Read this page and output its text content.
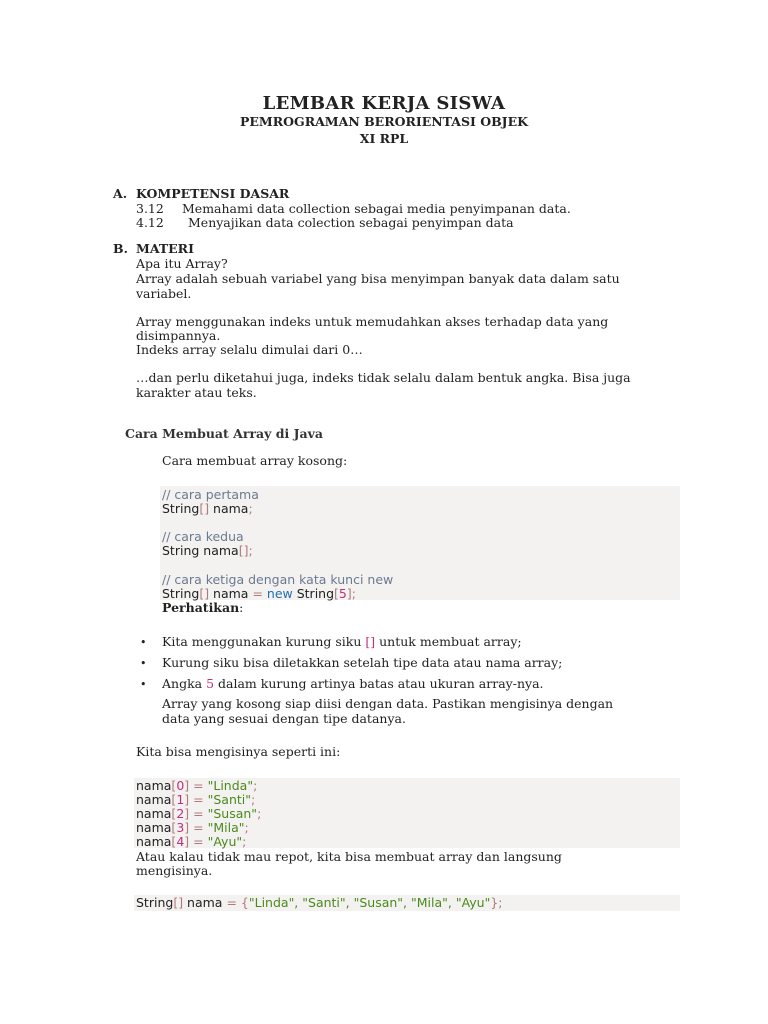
LEMBAR KERJA SISWA
PEMROGRAMAN BERORIENTASI OBJEK
XI RPL
A. KOMPETENSI DASAR
3.12 Memahami data collection sebagai media penyimpanan data.
4.12 Menyajikan data colection sebagai penyimpan data
B. MATERI
Apa itu Array?
Array adalah sebuah variabel yang bisa menyimpan banyak data dalam satu
variabel.
Array menggunakan indeks untuk memudahkan akses terhadap data yang
disimpannya.
Indeks array selalu dimulai dari 0…
…dan perlu diketahui juga, indeks tidak selalu dalam bentuk angka. Bisa juga
karakter atau teks.
Cara Membuat Array di Java
Cara membuat array kosong:
// cara pertama
String[] nama;
// cara kedua
String nama[];
// cara ketiga dengan kata kunci new
String[] nama = new String[5];
Perhatikan:
• Kita menggunakan kurung siku [] untuk membuat array;
• Kurung siku bisa diletakkan setelah tipe data atau nama array;
• Angka 5 dalam kurung artinya batas atau ukuran array-nya.
Array yang kosong siap diisi dengan data. Pastikan mengisinya dengan
data yang sesuai dengan tipe datanya.
Kita bisa mengisinya seperti ini:
nama[0] = "Linda";
nama[1] = "Santi";
nama[2] = "Susan";
nama[3] = "Mila";
nama[4] = "Ayu";
Atau kalau tidak mau repot, kita bisa membuat array dan langsung
mengisinya.
String[] nama = {"Linda", "Santi", "Susan", "Mila", "Ayu"};
